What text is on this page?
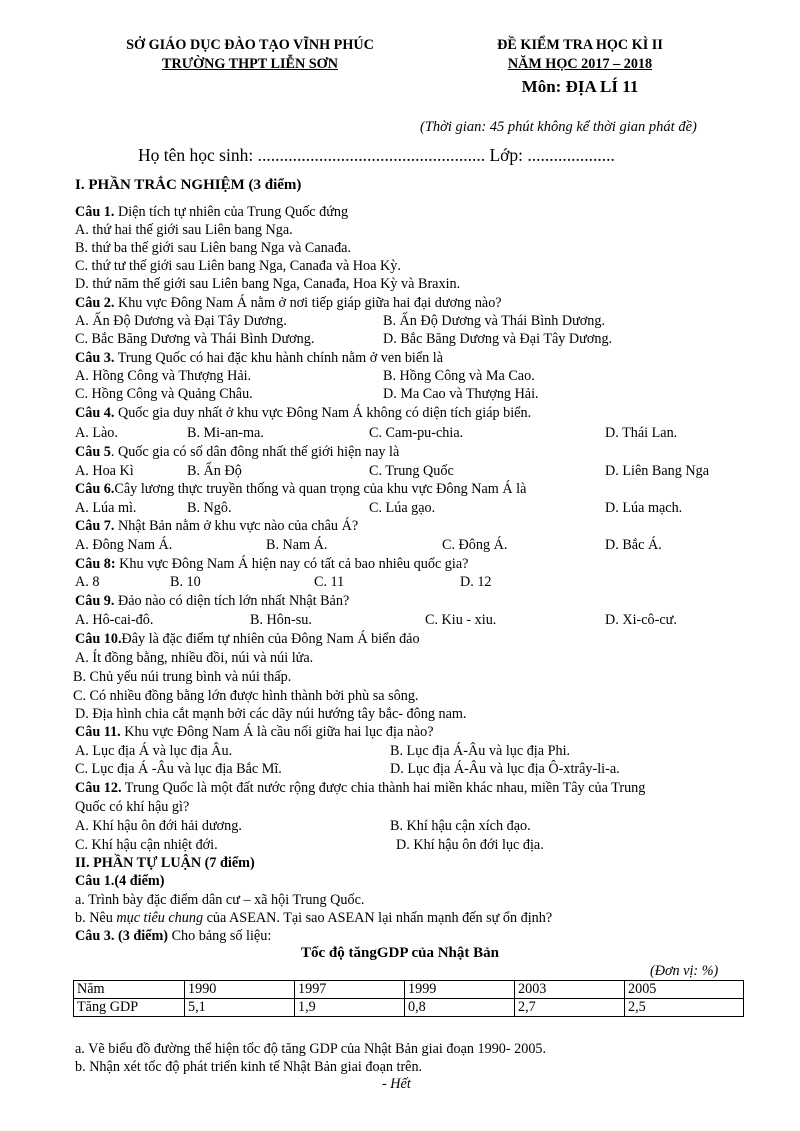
SỞ GIÁO DỤC ĐÀO TẠO VĨNH PHÚC
TRƯỜNG THPT LIỄN SƠN
ĐỀ KIỂM TRA HỌC KÌ II
NĂM HỌC 2017 – 2018
Môn: ĐỊA LÍ 11
(Thời gian: 45 phút không kể thời gian phát đề)
Họ tên học sinh: .................................................... Lớp: ....................
I. PHẦN TRẮC NGHIỆM (3 điểm)
Câu 1. Diện tích tự nhiên của Trung Quốc đứng
A. thứ hai thế giới sau Liên bang Nga.
B. thứ ba thế giới sau Liên bang Nga và Canađa.
C. thứ tư thế giới sau Liên bang Nga, Canađa và Hoa Kỳ.
D. thứ năm thế giới sau Liên bang Nga, Canađa, Hoa Kỳ và Braxin.
Câu 2. Khu vực Đông Nam Á nằm ở nơi tiếp giáp giữa hai đại dương nào?
A. Ấn Độ Dương và Đại Tây Dương.	B. Ấn Độ Dương và Thái Bình Dương.
C. Bắc Băng Dương và Thái Bình Dương.	D. Bắc Băng Dương và Đại Tây Dương.
Câu 3. Trung Quốc có hai đặc khu hành chính nằm ở ven biển là
A. Hồng Công và Thượng Hải.	B. Hồng Công và Ma Cao.
C. Hồng Công và Quảng Châu.	D. Ma Cao và Thượng Hải.
Câu 4. Quốc gia duy nhất ở khu vực Đông Nam Á không có diện tích giáp biển.
A. Lào.	B. Mi-an-ma.	C. Cam-pu-chia.	D. Thái Lan.
Câu 5. Quốc gia có số dân đông nhất thế giới hiện nay là
A. Hoa Kì	B. Ấn Độ	C. Trung Quốc	D. Liên Bang Nga
Câu 6.Cây lương thực truyền thống và quan trọng của khu vực Đông Nam Á là
A. Lúa mì.	B. Ngô.	C. Lúa gạo.	D. Lúa mạch.
Câu 7. Nhật Bản nằm ở khu vực nào của châu Á?
A. Đông Nam Á.	B. Nam Á.	C. Đông Á.	D. Bắc Á.
Câu 8: Khu vực Đông Nam Á hiện nay có tất cả bao nhiêu quốc gia?
A. 8	B. 10	C. 11	D. 12
Câu 9. Đảo nào có diện tích lớn nhất Nhật Bản?
A. Hô-cai-đô.	B. Hôn-su.	C. Kiu - xiu.	D. Xi-cô-cư.
Câu 10.Đây là đặc điểm tự nhiên của Đông Nam Á biển đảo
A. Ít đồng bằng, nhiều đồi, núi và núi lửa.
B. Chủ yếu núi trung bình và núi thấp.
C. Có nhiều đồng bằng lớn được hình thành bởi phù sa sông.
D. Địa hình chia cắt mạnh bởi các dãy núi hướng tây bắc- đông nam.
Câu 11. Khu vực Đông Nam Á là cầu nối giữa hai lục địa nào?
A. Lục địa Á và lục địa Âu.	B. Lục địa Á-Âu và lục địa Phi.
C. Lục địa Á -Âu và lục địa Bắc Mĩ.	D. Lục địa Á-Âu và lục địa Ô-xtrây-li-a.
Câu 12. Trung Quốc là một đất nước rộng được chia thành hai miền khác nhau, miền Tây của Trung
Quốc có khí hậu gì?
A. Khí hậu ôn đới hải dương.	B. Khí hậu cận xích đạo.
C. Khí hậu cận nhiệt đới.	D. Khí hậu ôn đới lục địa.
II. PHẦN TỰ LUẬN (7 điểm)
Câu 1.(4 điểm)
a. Trình bày đặc điểm dân cư – xã hội Trung Quốc.
b. Nêu mục tiêu chung của ASEAN. Tại sao ASEAN lại nhấn mạnh đến sự ổn định?
Câu 3. (3 điểm) Cho bảng số liệu:
Tốc độ tăngGDP của Nhật Bản
(Đơn vị: %)
Năm	1990	1997	1999	2003	2005
Tăng GDP	5,1	1,9	0,8	2,7	2,5
a. Vẽ biểu đồ đường thể hiện tốc độ tăng GDP của Nhật Bản giai đoạn 1990- 2005.
b. Nhận xét tốc độ phát triển kinh tế Nhật Bản giai đoạn trên.
- Hết
